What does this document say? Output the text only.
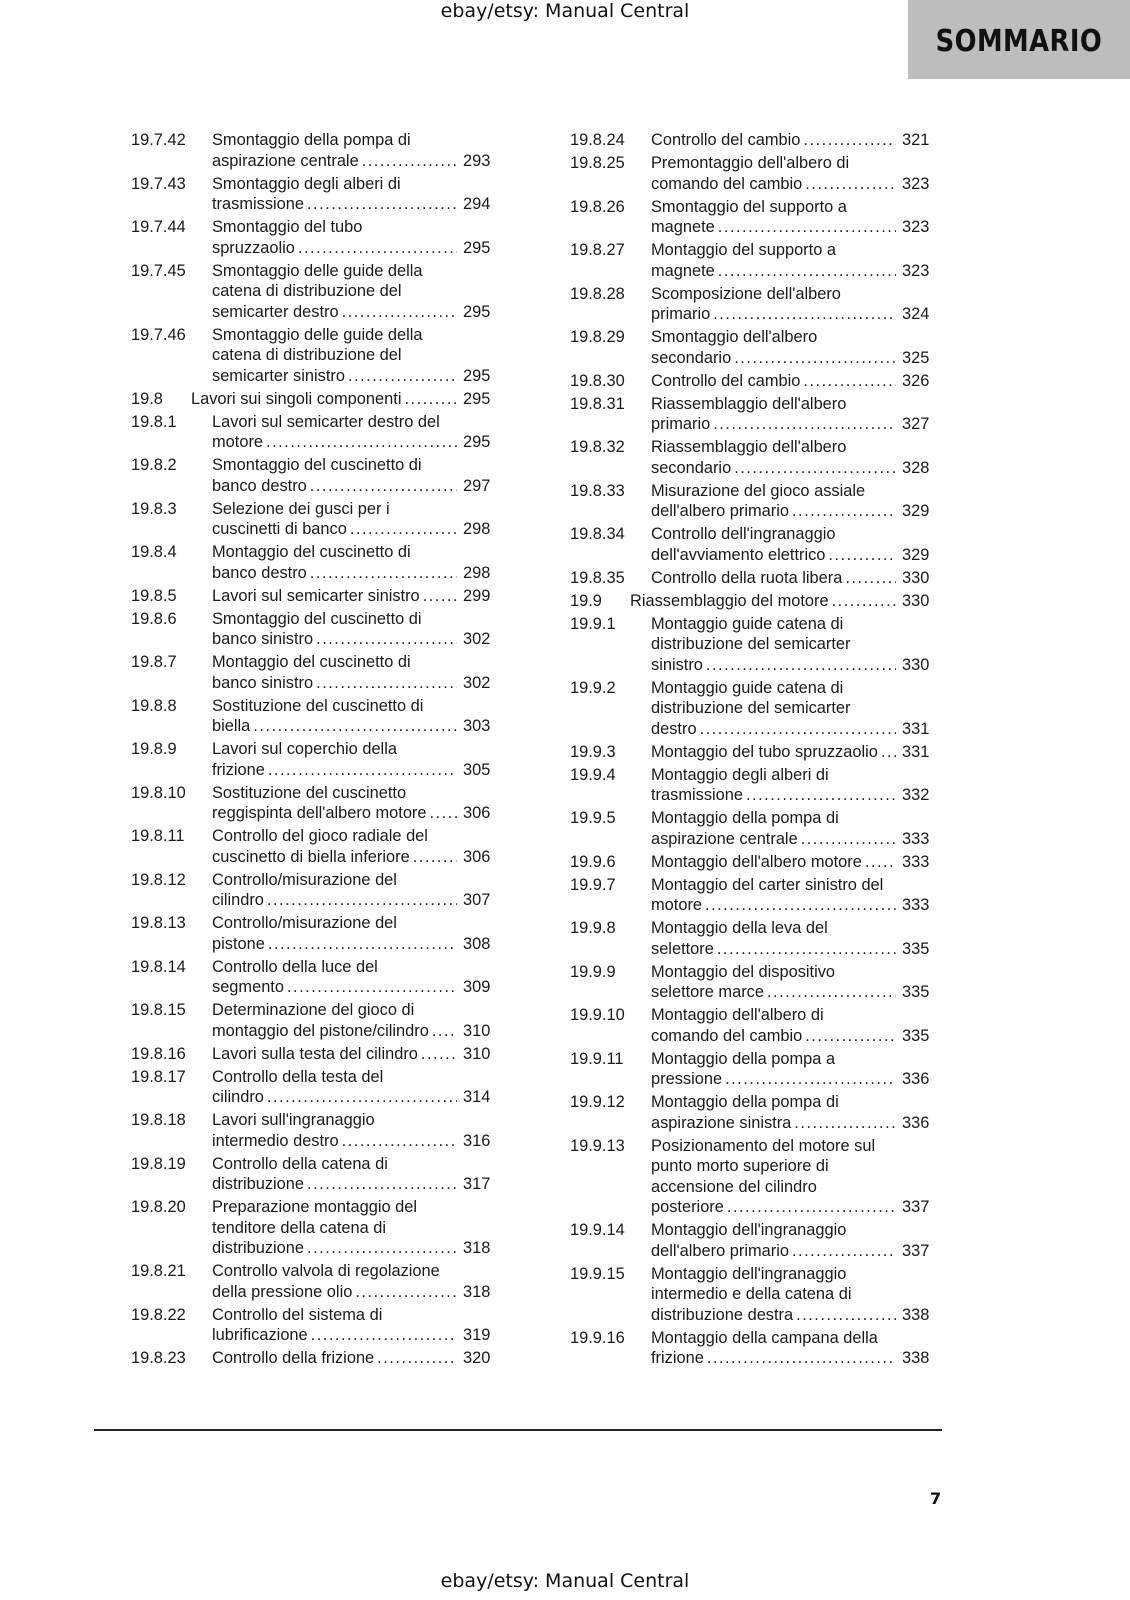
ebay/etsy: Manual Central
SOMMARIO
19.7.42 Smontaggio della pompa di
aspirazione centrale .....	293
19.7.43 Smontaggio degli alberi di
trasmissione .....	294
19.7.44 Smontaggio del tubo
spruzzaolio .....	295
19.7.45 Smontaggio delle guide della
catena di distribuzione del
semicarter destro .....	295
19.7.46 Smontaggio delle guide della
catena di distribuzione del
semicarter sinistro .....	295
19.8 Lavori sui singoli componenti .....	295
19.8.1 Lavori sul semicarter destro del
motore .....	295
19.8.2 Smontaggio del cuscinetto di
banco destro .....	297
19.8.3 Selezione dei gusci per i
cuscinetti di banco .....	298
19.8.4 Montaggio del cuscinetto di
banco destro .....	298
19.8.5 Lavori sul semicarter sinistro .....	299
19.8.6 Smontaggio del cuscinetto di
banco sinistro .....	302
19.8.7 Montaggio del cuscinetto di
banco sinistro .....	302
19.8.8 Sostituzione del cuscinetto di
biella .....	303
19.8.9 Lavori sul coperchio della
frizione .....	305
19.8.10 Sostituzione del cuscinetto
reggispinta dell'albero motore ..... 306
19.8.11 Controllo del gioco radiale del
cuscinetto di biella inferiore .....	306
19.8.12 Controllo/misurazione del
cilindro .....	307
19.8.13 Controllo/misurazione del
pistone .....	308
19.8.14 Controllo della luce del
segmento .....	309
19.8.15 Determinazione del gioco di
montaggio del pistone/cilindro ..... 310
19.8.16 Lavori sulla testa del cilindro .....	310
19.8.17 Controllo della testa del
cilindro .....	314
19.8.18 Lavori sull'ingranaggio
intermedio destro .....	316
19.8.19 Controllo della catena di
distribuzione .....	317
19.8.20 Preparazione montaggio del
tenditore della catena di
distribuzione .....	318
19.8.21 Controllo valvola di regolazione
della pressione olio .....	318
19.8.22 Controllo del sistema di
lubrificazione .....	319
19.8.23 Controllo della frizione .....	320
19.8.24 Controllo del cambio .....	321
19.8.25 Premontaggio dell'albero di
comando del cambio .....	323
19.8.26 Smontaggio del supporto a
magnete .....	323
19.8.27 Montaggio del supporto a
magnete .....	323
19.8.28 Scomposizione dell'albero
primario .....	324
19.8.29 Smontaggio dell'albero
secondario .....	325
19.8.30 Controllo del cambio .....	326
19.8.31 Riassemblaggio dell'albero
primario .....	327
19.8.32 Riassemblaggio dell'albero
secondario .....	328
19.8.33 Misurazione del gioco assiale
dell'albero primario .....	329
19.8.34 Controllo dell'ingranaggio
dell'avviamento elettrico .....	329
19.8.35 Controllo della ruota libera .....	330
19.9 Riassemblaggio del motore .....	330
19.9.1 Montaggio guide catena di
distribuzione del semicarter
sinistro .....	330
19.9.2 Montaggio guide catena di
distribuzione del semicarter
destro .....	331
19.9.3 Montaggio del tubo spruzzaolio ..... 331
19.9.4 Montaggio degli alberi di
trasmissione .....	332
19.9.5 Montaggio della pompa di
aspirazione centrale .....	333
19.9.6 Montaggio dell'albero motore ..... 333
19.9.7 Montaggio del carter sinistro del
motore .....	333
19.9.8 Montaggio della leva del
selettore .....	335
19.9.9 Montaggio del dispositivo
selettore marce .....	335
19.9.10 Montaggio dell'albero di
comando del cambio .....	335
19.9.11 Montaggio della pompa a
pressione .....	336
19.9.12 Montaggio della pompa di
aspirazione sinistra .....	336
19.9.13 Posizionamento del motore sul
punto morto superiore di
accensione del cilindro
posteriore .....	337
19.9.14 Montaggio dell'ingranaggio
dell'albero primario .....	337
19.9.15 Montaggio dell'ingranaggio
intermedio e della catena di
distribuzione destra .....	338
19.9.16 Montaggio della campana della
frizione .....	338
7
ebay/etsy: Manual Central
